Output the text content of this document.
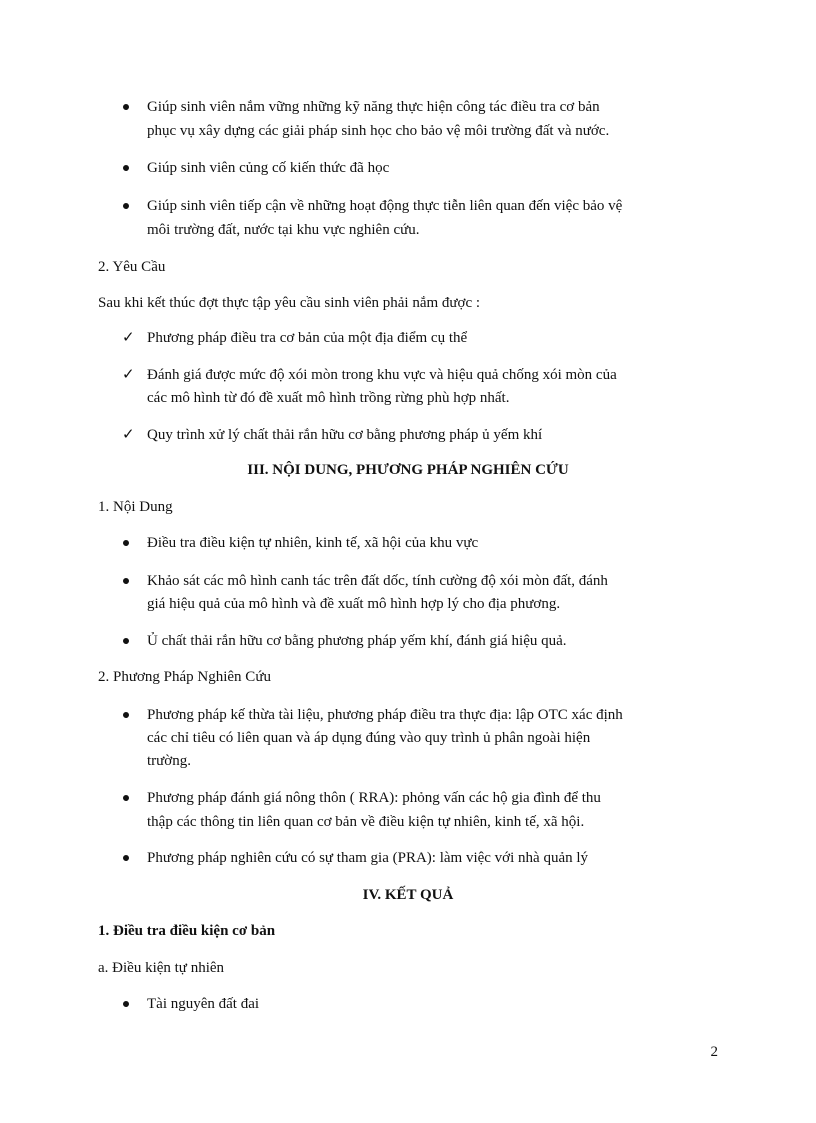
Giúp sinh viên nắm vững những kỹ năng thực hiện công tác điều tra cơ bản
phục vụ xây dựng các giải pháp sinh học cho bảo vệ môi trường đất và nước.
Giúp sinh viên củng cố kiến thức đã học
Giúp sinh viên tiếp cận về những hoạt động thực tiễn liên quan đến việc bảo vệ
môi trường đất, nước tại khu vực nghiên cứu.
2. Yêu Cầu
Sau khi kết thúc đợt thực tập yêu cầu sinh viên phải nắm được :
✓ Phương pháp điều tra cơ bản của một địa điểm cụ thể
✓ Đánh giá được mức độ xói mòn trong khu vực và hiệu quả chống xói mòn của
các mô hình từ đó đề xuất mô hình trồng rừng phù hợp nhất.
✓ Quy trình xử lý chất thải rắn hữu cơ bằng phương pháp ủ yếm khí
III. NỘI DUNG, PHƯƠNG PHÁP NGHIÊN CỨU
1. Nội Dung
Điều tra điều kiện tự nhiên, kinh tế, xã hội của khu vực
Khảo sát các mô hình canh tác trên đất dốc, tính cường độ xói mòn đất, đánh
giá hiệu quả của mô hình và đề xuất mô hình hợp lý cho địa phương.
Ủ chất thải rắn hữu cơ bằng phương pháp yếm khí, đánh giá hiệu quả.
2. Phương Pháp Nghiên Cứu
Phương pháp kế thừa tài liệu, phương pháp điều tra thực địa: lập OTC xác định
các chỉ tiêu có liên quan và áp dụng đúng vào quy trình ủ phân ngoài hiện
trường.
Phương pháp đánh giá nông thôn ( RRA): phỏng vấn các hộ gia đình để thu
thập các thông tin liên quan cơ bản về điều kiện tự nhiên, kinh tế, xã hội.
Phương pháp nghiên cứu có sự tham gia (PRA): làm việc với nhà quản lý
IV. KẾT QUẢ
1. Điều tra điều kiện cơ bản
a. Điều kiện tự nhiên
Tài nguyên đất đai
2
